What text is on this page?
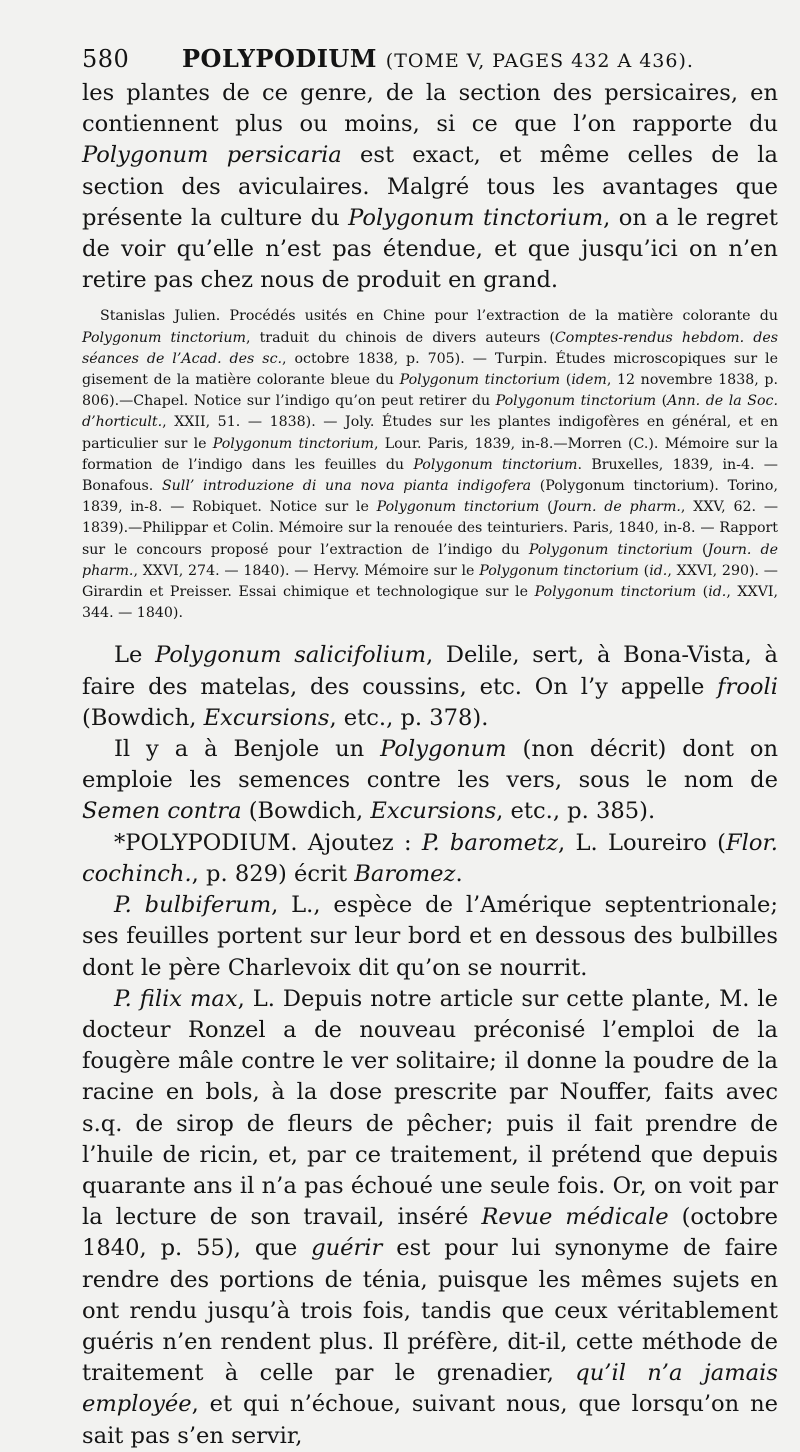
580	POLYPODIUM (TOME V, PAGES 432 A 436).

les plantes de ce genre, de la section des persicaires, en contiennent plus ou moins, si ce que l’on rapporte du Polygonum persicaria est exact, et même celles de la section des aviculaires. Malgré tous les avantages que présente la culture du Polygonum tinctorium, on a le regret de voir qu’elle n’est pas étendue, et que jusqu’ici on n’en retire pas chez nous de produit en grand.

Stanislas Julien. Procédés usités en Chine pour l’extraction de la matière colorante du Polygonum tinctorium, traduit du chinois de divers auteurs (Comptes-rendus hebdom. des séances de l’Acad. des sc., octobre 1838, p. 705). — Turpin. Études microscopiques sur le gisement de la matière colorante bleue du Polygonum tinctorium (idem, 12 novembre 1838, p. 806).—Chapel. Notice sur l’indigo qu’on peut retirer du Polygonum tinctorium (Ann. de la Soc. d’horticult., XXII, 51. — 1838). — Joly. Études sur les plantes indigofères en général, et en particulier sur le Polygonum tinctorium, Lour. Paris, 1839, in-8.—Morren (C.). Mémoire sur la formation de l’indigo dans les feuilles du Polygonum tinctorium. Bruxelles, 1839, in-4. — Bonafous. Sull’ introduzione di una nova pianta indigofera (Polygonum tinctorium). Torino, 1839, in-8. — Robiquet. Notice sur le Polygonum tinctorium (Journ. de pharm., XXV, 62. — 1839).—Philippar et Colin. Mémoire sur la renouée des teinturiers. Paris, 1840, in-8. — Rapport sur le concours proposé pour l’extraction de l’indigo du Polygonum tinctorium (Journ. de pharm., XXVI, 274. — 1840). — Hervy. Mémoire sur le Polygonum tinctorium (id., XXVI, 290). — Girardin et Preisser. Essai chimique et technologique sur le Polygonum tinctorium (id., XXVI, 344. — 1840).

Le Polygonum salicifolium, Delile, sert, à Bona-Vista, à faire des matelas, des coussins, etc. On l’y appelle frooli (Bowdich, Excursions, etc., p. 378).

Il y a à Benjole un Polygonum (non décrit) dont on emploie les semences contre les vers, sous le nom de Semen contra (Bowdich, Excursions, etc., p. 385).

*POLYPODIUM. Ajoutez : P. barometz, L. Loureiro (Flor. cochinch., p. 829) écrit Baromez.

P. bulbiferum, L., espèce de l’Amérique septentrionale; ses feuilles portent sur leur bord et en dessous des bulbilles dont le père Charlevoix dit qu’on se nourrit.

P. filix max, L. Depuis notre article sur cette plante, M. le docteur Ronzel a de nouveau préconisé l’emploi de la fougère mâle contre le ver solitaire; il donne la poudre de la racine en bols, à la dose prescrite par Nouffer, faits avec s.q. de sirop de fleurs de pêcher; puis il fait prendre de l’huile de ricin, et, par ce traitement, il prétend que depuis quarante ans il n’a pas échoué une seule fois. Or, on voit par la lecture de son travail, inséré Revue médicale (octobre 1840, p. 55), que guérir est pour lui synonyme de faire rendre des portions de ténia, puisque les mêmes sujets en ont rendu jusqu’à trois fois, tandis que ceux véritablement guéris n’en rendent plus. Il préfère, dit-il, cette méthode de traitement à celle par le grenadier, qu’il n’a jamais employée, et qui n’échoue, suivant nous, que lorsqu’on ne sait pas s’en servir,
